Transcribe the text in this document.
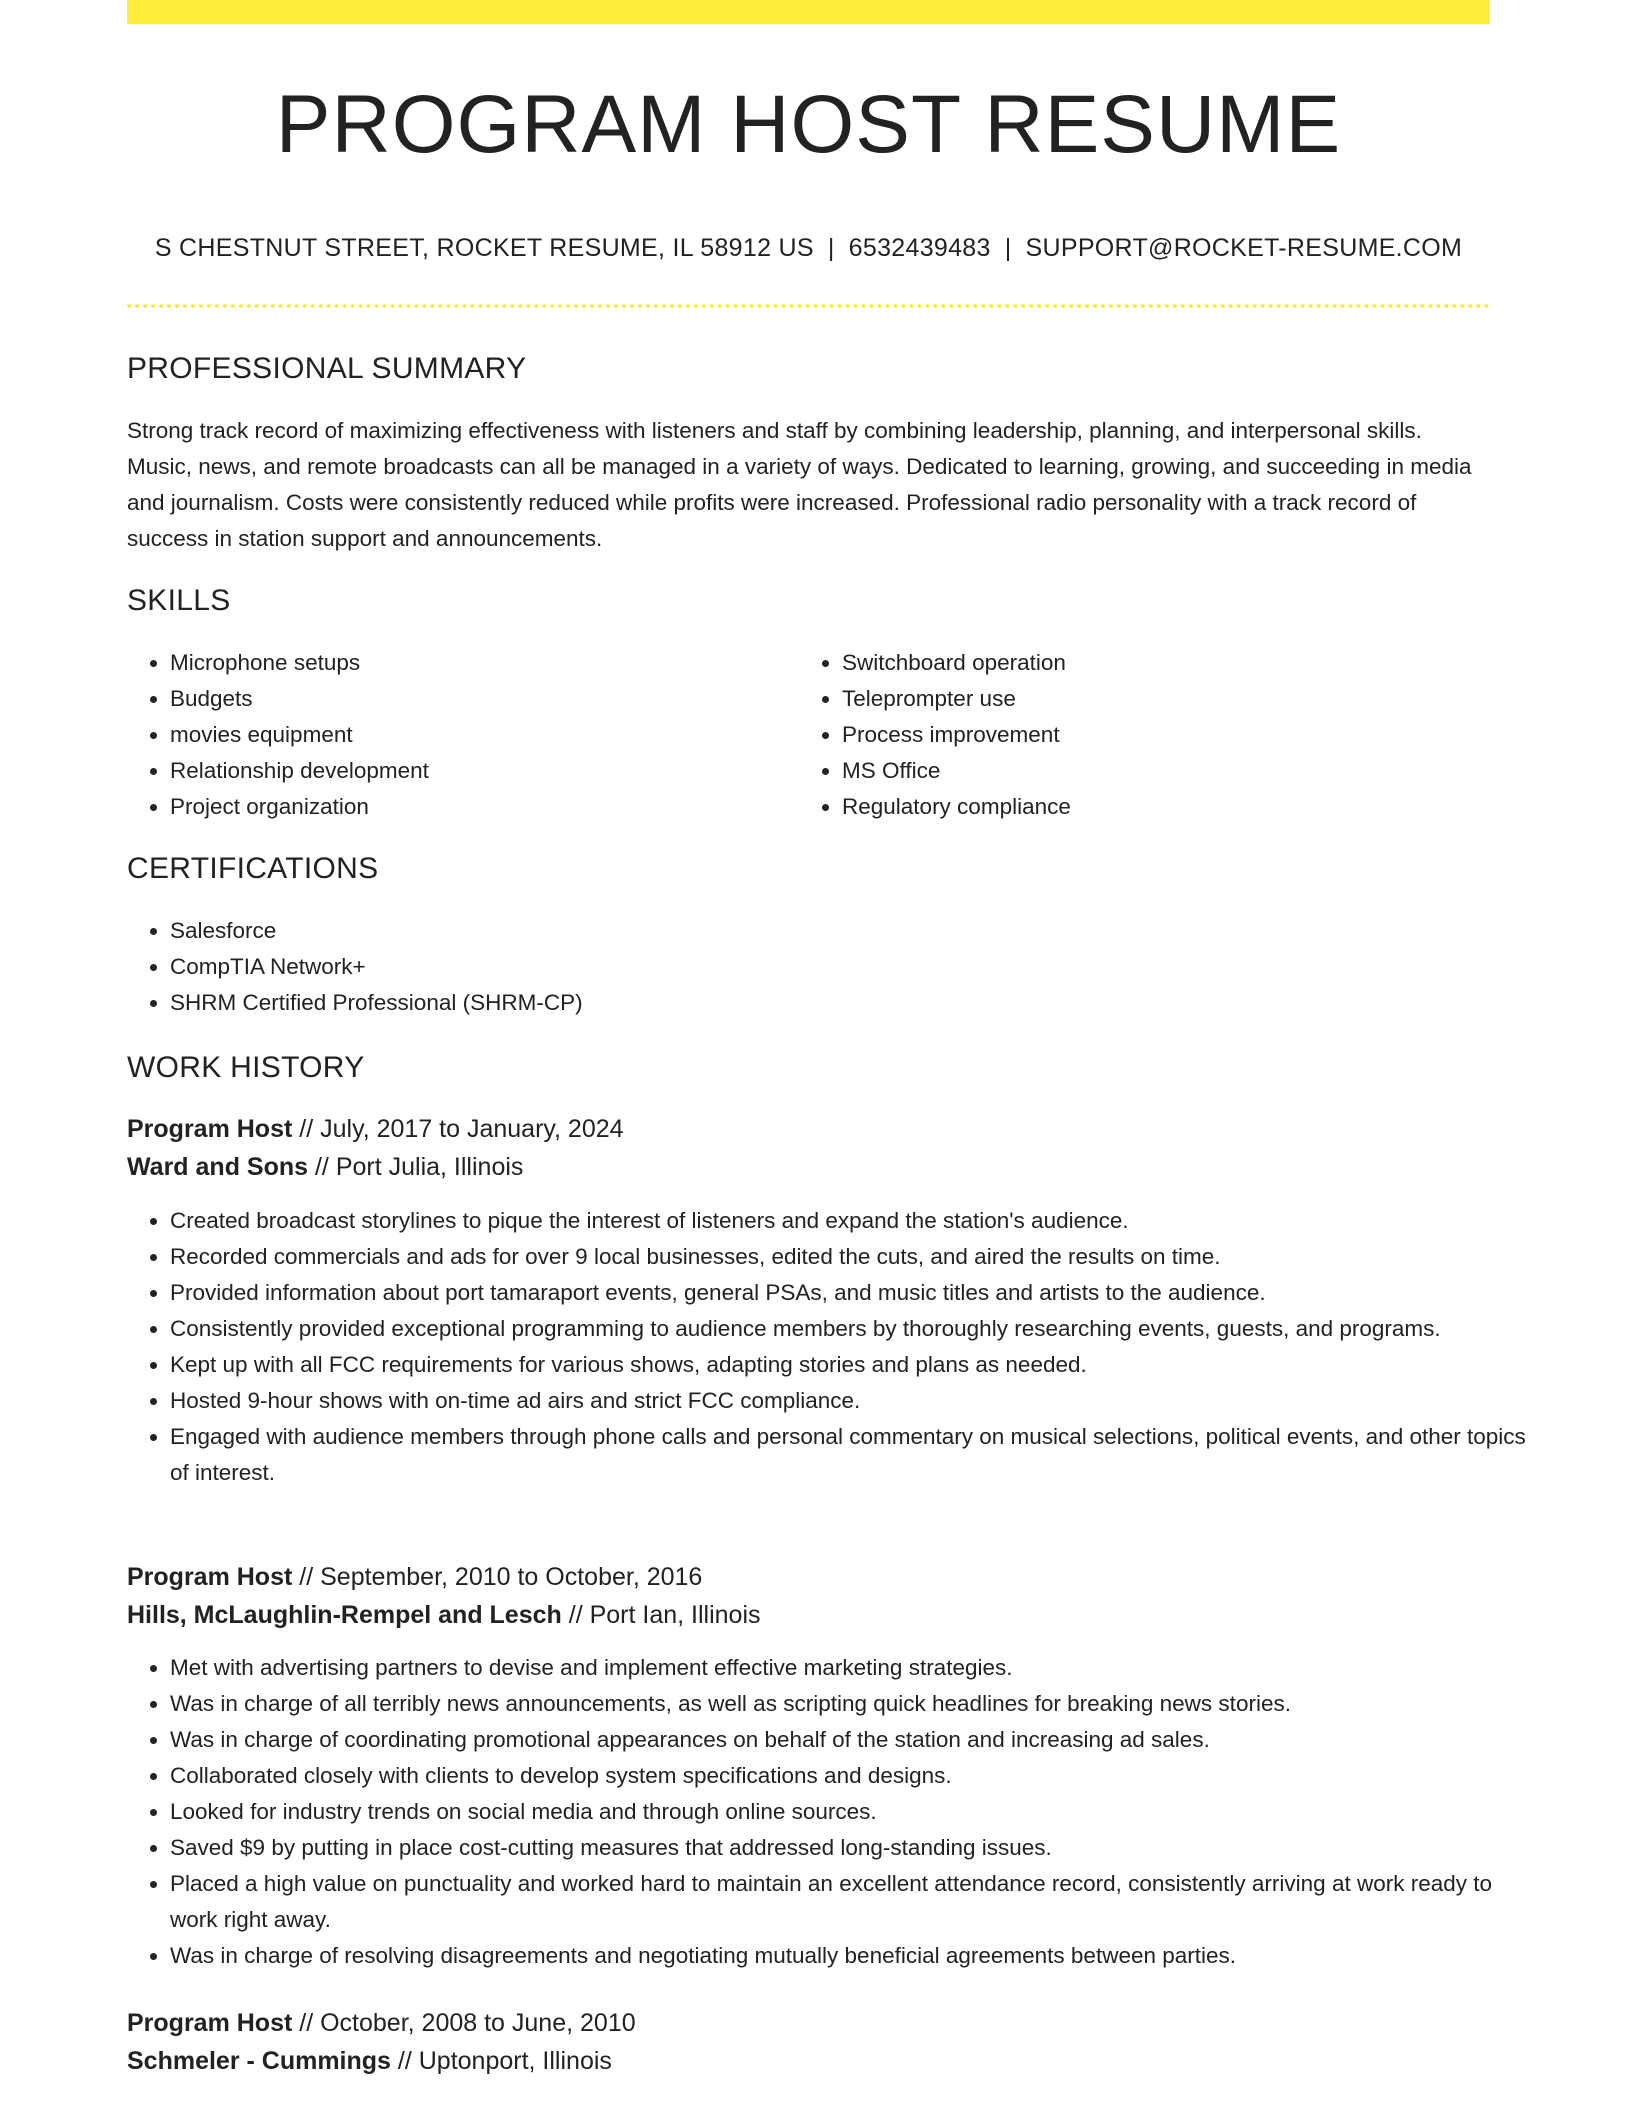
PROGRAM HOST RESUME
S CHESTNUT STREET, ROCKET RESUME, IL 58912 US | 6532439483 | SUPPORT@ROCKET-RESUME.COM
PROFESSIONAL SUMMARY

Strong track record of maximizing effectiveness with listeners and staff by combining leadership, planning, and interpersonal skills. Music, news, and remote broadcasts can all be managed in a variety of ways. Dedicated to learning, growing, and succeeding in media and journalism. Costs were consistently reduced while profits were increased. Professional radio personality with a track record of success in station support and announcements.

SKILLS
• Microphone setups
• Budgets
• movies equipment
• Relationship development
• Project organization
• Switchboard operation
• Teleprompter use
• Process improvement
• MS Office
• Regulatory compliance
CERTIFICATIONS
• Salesforce
• CompTIA Network+
• SHRM Certified Professional (SHRM-CP)
WORK HISTORY
Program Host // July, 2017 to January, 2024
Ward and Sons // Port Julia, Illinois
• Created broadcast storylines to pique the interest of listeners and expand the station's audience.
• Recorded commercials and ads for over 9 local businesses, edited the cuts, and aired the results on time.
• Provided information about port tamaraport events, general PSAs, and music titles and artists to the audience.
• Consistently provided exceptional programming to audience members by thoroughly researching events, guests, and programs.
• Kept up with all FCC requirements for various shows, adapting stories and plans as needed.
• Hosted 9-hour shows with on-time ad airs and strict FCC compliance.
• Engaged with audience members through phone calls and personal commentary on musical selections, political events, and other topics of interest.
Program Host // September, 2010 to October, 2016
Hills, McLaughlin-Rempel and Lesch // Port Ian, Illinois
• Met with advertising partners to devise and implement effective marketing strategies.
• Was in charge of all terribly news announcements, as well as scripting quick headlines for breaking news stories.
• Was in charge of coordinating promotional appearances on behalf of the station and increasing ad sales.
• Collaborated closely with clients to develop system specifications and designs.
• Looked for industry trends on social media and through online sources.
• Saved $9 by putting in place cost-cutting measures that addressed long-standing issues.
• Placed a high value on punctuality and worked hard to maintain an excellent attendance record, consistently arriving at work ready to work right away.
• Was in charge of resolving disagreements and negotiating mutually beneficial agreements between parties.
Program Host // October, 2008 to June, 2010
Schmeler - Cummings // Uptonport, Illinois
